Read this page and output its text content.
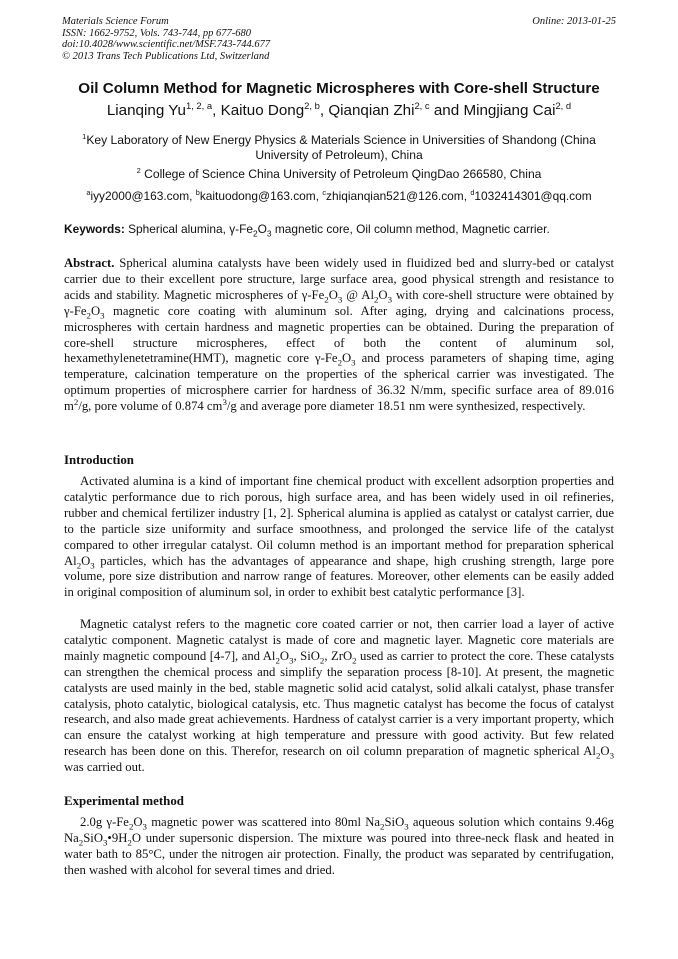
Materials Science Forum
ISSN: 1662-9752, Vols. 743-744, pp 677-680
doi:10.4028/www.scientific.net/MSF.743-744.677
© 2013 Trans Tech Publications Ltd, Switzerland
Online: 2013-01-25
Oil Column Method for Magnetic Microspheres with Core-shell Structure
Lianqing Yu$^{1, 2, a}$, Kaituo Dong$^{2, b}$, Qianqian Zhi$^{2, c}$ and Mingjiang Cai$^{2, d}$
$^1$Key Laboratory of New Energy Physics & Materials Science in Universities of Shandong (China University of Petroleum), China
$^2$ College of Science China University of Petroleum QingDao 266580, China
$^a$iyy2000@163.com, $^b$kaituodong@163.com, $^c$zhiqianqian521@126.com, $^d$1032414301@qq.com
Keywords: Spherical alumina, $\gamma-Fe_2O_3$ magnetic core, Oil column method, Magnetic carrier.

Abstract. Spherical alumina catalysts have been widely used in fluidized bed and slurry-bed or catalyst carrier due to their excellent pore structure, large surface area, good physical strength and resistance to acids and stability. Magnetic microspheres of $\gamma-Fe_2O_3$ @ $Al_2O_3$ with core-shell structure were obtained by $\gamma-Fe_2O_3$ magnetic core coating with aluminum sol. After aging, drying and calcinations process, microspheres with certain hardness and magnetic properties can be obtained. During the preparation of core-shell structure microspheres, effect of both the content of aluminum sol, hexamethylenetetramine(HMT), magnetic core $\gamma-Fe_2O_3$ and process parameters of shaping time, aging temperature, calcination temperature on the properties of the spherical carrier was investigated. The optimum properties of microsphere carrier for hardness of 36.32 N/mm, specific surface area of 89.016 $m^2/g$, pore volume of 0.874 $cm^3/g$ and average pore diameter 18.51 nm were synthesized, respectively.

Introduction

Activated alumina is a kind of important fine chemical product with excellent adsorption properties and catalytic performance due to rich porous, high surface area, and has been widely used in oil refineries, rubber and chemical fertilizer industry [1, 2]. Spherical alumina is applied as catalyst or catalyst carrier, due to the particle size uniformity and surface smoothness, and prolonged the service life of the catalyst compared to other irregular catalyst. Oil column method is an important method for preparation spherical $Al_2O_3$ particles, which has the advantages of appearance and shape, high crushing strength, large pore volume, pore size distribution and narrow range of features. Moreover, other elements can be easily added in original composition of aluminum sol, in order to exhibit best catalytic performance [3].

Magnetic catalyst refers to the magnetic core coated carrier or not, then carrier load a layer of active catalytic component. Magnetic catalyst is made of core and magnetic layer. Magnetic core materials are mainly magnetic compound [4-7], and $Al_2O_3$, SiO$_2$, ZrO$_2$ used as carrier to protect the core. These catalysts can strengthen the chemical process and simplify the separation process [8-10]. At present, the magnetic catalysts are used mainly in the bed, stable magnetic solid acid catalyst, solid alkali catalyst, phase transfer catalysis, photo catalytic, biological catalysis, etc. Thus magnetic catalyst has become the focus of catalyst research, and also made great achievements. Hardness of catalyst carrier is a very important property, which can ensure the catalyst working at high temperature and pressure with good activity. But few related research has been done on this. Therefor, research on oil column preparation of magnetic spherical $Al_2O_3$ was carried out.

Experimental method

2.0g $\gamma-Fe_2O_3$ magnetic power was scattered into 80ml $Na_2SiO_3$ aqueous solution which contains 9.46g $Na_2SiO_3•9H_2O$ under supersonic dispersion. The mixture was poured into three-neck flask and heated in water bath to 85°C, under the nitrogen air protection. Finally, the product was separated by centrifugation, then washed with alcohol for several times and dried.
